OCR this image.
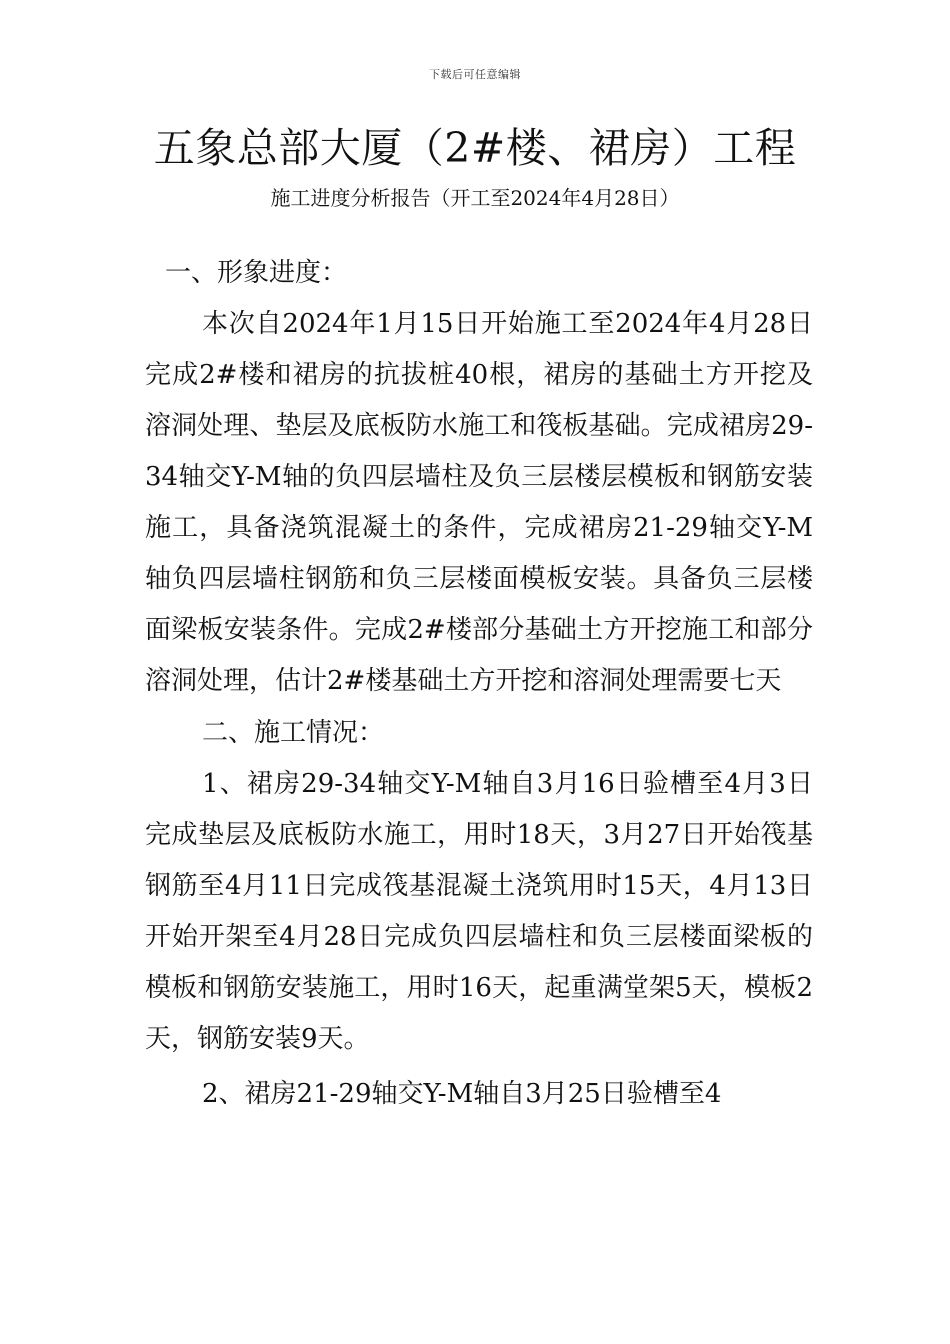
下载后可任意编辑
五象总部大厦（2#楼、裙房）工程
施工进度分析报告（开工至2024年4月28日）

一、形象进度：

本次自2024年1月15日开始施工至2024年4月28日完成2#楼和裙房的抗拔桩40根，裙房的基础土方开挖及溶洞处理、垫层及底板防水施工和筏板基础。完成裙房29-34轴交Y-M轴的负四层墙柱及负三层楼层模板和钢筋安装施工，具备浇筑混凝土的条件，完成裙房21-29轴交Y-M轴负四层墙柱钢筋和负三层楼面模板安装。具备负三层楼面梁板安装条件。完成2#楼部分基础土方开挖施工和部分溶洞处理，估计2#楼基础土方开挖和溶洞处理需要七天

二、施工情况：

1、裙房29-34轴交Y-M轴自3月16日验槽至4月3日完成垫层及底板防水施工，用时18天，3月27日开始筏基钢筋至4月11日完成筏基混凝土浇筑用时15天，4月13日开始开架至4月28日完成负四层墙柱和负三层楼面梁板的模板和钢筋安装施工，用时16天，起重满堂架5天，模板2天，钢筋安装9天。

2、裙房21-29轴交Y-M轴自3月25日验槽至4
